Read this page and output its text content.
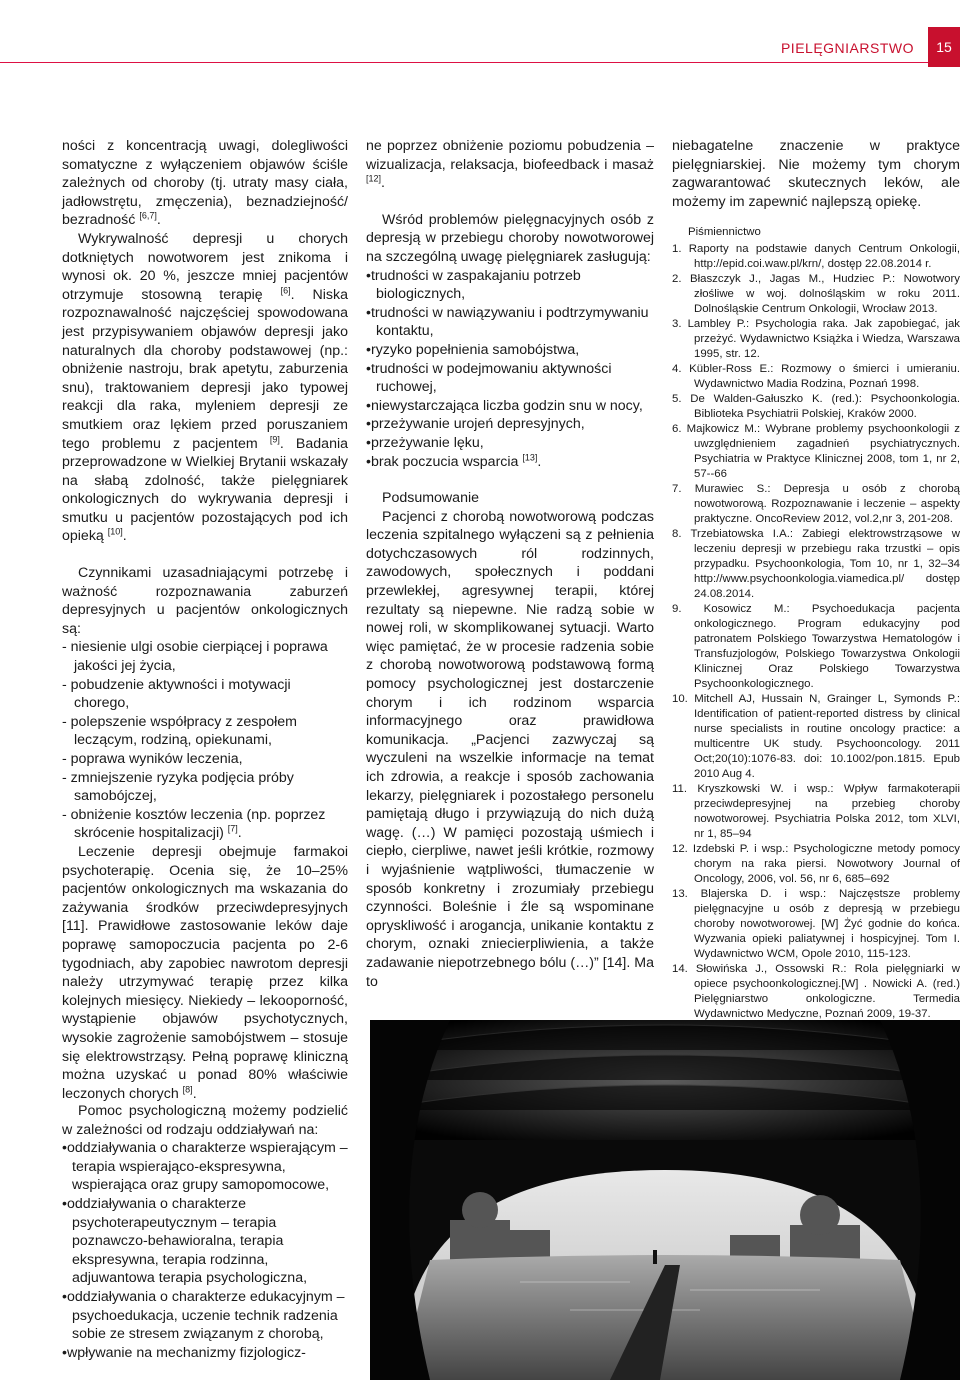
PIELĘGNIARSTWO	15

ności z koncentracją uwagi, dolegliwości somatyczne z wyłączeniem objawów ściśle zależnych od choroby (tj. utraty masy ciała, jadłowstrętu, zmęczenia), beznadziejność/ bezradność [6,7].

Wykrywalność depresji u chorych dotkniętych nowotworem jest znikoma i wynosi ok. 20 %, jeszcze mniej pacjentów otrzymuje stosowną terapię [6]. Niska rozpoznawalność najczęściej spowodowana jest przypisywaniem objawów depresji jako naturalnych dla choroby podstawowej (np.: obniżenie nastroju, brak apetytu, zaburzenia snu), traktowaniem depresji jako typowej reakcji dla raka, myleniem depresji ze smutkiem oraz lękiem przed poruszaniem tego problemu z pacjentem [9]. Badania przeprowadzone w Wielkiej Brytanii wskazały na słabą zdolność, także pielęgniarek onkologicznych do wykrywania depresji i smutku u pacjentów pozostających pod ich opieką [10].

Czynnikami uzasadniającymi potrzebę i ważność rozpoznawania zaburzeń depresyjnych u pacjentów onkologicznych są:

- niesienie ulgi osobie cierpiącej i poprawa jakości jej życia,
- pobudzenie aktywności i motywacji chorego,
- polepszenie współpracy z zespołem leczącym, rodziną, opiekunami,
- poprawa wyników leczenia,
- zmniejszenie ryzyka podjęcia próby samobójczej,
- obniżenie kosztów leczenia (np. poprzez skrócenie hospitalizacji) [7].

Leczenie depresji obejmuje farmakoi psychoterapię. Ocenia się, że 10–25% pacjentów onkologicznych ma wskazania do zażywania środków przeciwdepresyjnych [11]. Prawidłowe zastosowanie leków daje poprawę samopoczucia pacjenta po 2-6 tygodniach, aby zapobiec nawrotom depresji należy utrzymywać terapię przez kilka kolejnych miesięcy. Niekiedy – lekooporność, wystąpienie objawów psychotycznych, wysokie zagrożenie samobójstwem – stosuje się elektrowstrząsy. Pełną poprawę kliniczną można uzyskać u ponad 80% właściwie leczonych chorych [8].

Pomoc psychologiczną możemy podzielić w zależności od rodzaju oddziaływań na:

• oddziaływania o charakterze wspierającym – terapia wspierająco-ekspresywna, wspierająca oraz grupy samopomocowe,
• oddziaływania o charakterze psychoterapeutycznym – terapia poznawczo-behawioralna, terapia ekspresywna, terapia rodzinna, adjuwantowa terapia psychologiczna,
• oddziaływania o charakterze edukacyjnym – psychoedukacja, uczenie technik radzenia sobie ze stresem związanym z chorobą,
• wpływanie na mechanizmy fizjologicz-

ne poprzez obniżenie poziomu pobudzenia – wizualizacja, relaksacja, biofeedback i masaż [12].

Wśród problemów pielęgnacyjnych osób z depresją w przebiegu choroby nowotworowej na szczególną uwagę pielęgniarek zasługują:

• trudności w zaspakajaniu potrzeb biologicznych,
• trudności w nawiązywaniu i podtrzymywaniu kontaktu,
• ryzyko popełnienia samobójstwa,
• trudności w podejmowaniu aktywności ruchowej,
• niewystarczająca liczba godzin snu w nocy,
• przeżywanie urojeń depresyjnych,
• przeżywanie lęku,
• brak poczucia wsparcia [13].

Podsumowanie

Pacjenci z chorobą nowotworową podczas leczenia szpitalnego wyłączeni są z pełnienia dotychczasowych ról rodzinnych, zawodowych, społecznych i poddani przewlekłej, agresywnej terapii, której rezultaty są niepewne. Nie radzą sobie w nowej roli, w skomplikowanej sytuacji. Warto więc pamiętać, że w procesie radzenia sobie z chorobą nowotworową podstawową formą pomocy psychologicznej jest dostarczenie chorym i ich rodzinom wsparcia informacyjnego oraz prawidłowa komunikacja. „Pacjenci zazwyczaj są wyczuleni na wszelkie informacje na temat ich zdrowia, a reakcje i sposób zachowania lekarzy, pielęgniarek i pozostałego personelu pamiętają długo i przywiązują do nich dużą wagę. (…) W pamięci pozostają uśmiech i ciepło, cierpliwe, nawet jeśli krótkie, rozmowy i wyjaśnienie wątpliwości, tłumaczenie w sposób konkretny i zrozumiały przebiegu czynności. Boleśnie i źle są wspominane opryskliwość i arogancja, unikanie kontaktu z chorym, oznaki zniecierpliwienia, a także zadawanie niepotrzebnego bólu (…)” [14]. Ma to

niebagatelne znaczenie w praktyce pielęgniarskiej. Nie możemy tym chorym zagwarantować skutecznych leków, ale możemy im zapewnić najlepszą opiekę.

Piśmiennictwo
1. Raporty na podstawie danych Centrum Onkologii, http://epid.coi.waw.pl/krn/, dostęp 22.08.2014 r.
2. Błaszczyk J., Jagas M., Hudziec P.: Nowotwory złośliwe w woj. dolnośląskim w roku 2011. Dolnośląskie Centrum Onkologii, Wrocław 2013.
3. Lambley P.: Psychologia raka. Jak zapobiegać, jak przeżyć. Wydawnictwo Książka i Wiedza, Warszawa 1995, str. 12.
4. Kübler-Ross E.: Rozmowy o śmierci i umieraniu. Wydawnictwo Madia Rodzina, Poznań 1998.
5. De Walden-Gałuszko K. (red.): Psychoonkologia. Biblioteka Psychiatrii Polskiej, Kraków 2000.
6. Majkowicz M.: Wybrane problemy psychoonkologii z uwzględnieniem zagadnień psychiatrycznych. Psychiatria w Praktyce Klinicznej 2008, tom 1, nr 2, 57--66
7. Murawiec S.: Depresja u osób z chorobą nowotworową. Rozpoznawanie i leczenie – aspekty praktyczne. OncoReview 2012, vol.2,nr 3, 201-208.
8. Trzebiatowska I.A.: Zabiegi elektrowstrząsowe w leczeniu depresji w przebiegu raka trzustki – opis przypadku. Psychoonkologia, Tom 10, nr 1, 32–34 http://www.psychoonkologia.viamedica.pl/ dostęp 24.08.2014.
9. Kosowicz M.: Psychoedukacja pacjenta onkologicznego. Program edukacyjny pod patronatem Polskiego Towarzystwa Hematologów i Transfuzjologów, Polskiego Towarzystwa Onkologii Klinicznej Oraz Polskiego Towarzystwa Psychoonkologicznego.
10. Mitchell AJ, Hussain N, Grainger L, Symonds P.: Identification of patient-reported distress by clinical nurse specialists in routine oncology practice: a multicentre UK study. Psychooncology. 2011 Oct;20(10):1076-83. doi: 10.1002/pon.1815. Epub 2010 Aug 4.
11. Kryszkowski W. i wsp.: Wpływ farmakoterapii przeciwdepresyjnej na przebieg choroby nowotworowej. Psychiatria Polska 2012, tom XLVI, nr 1, 85–94
12. Izdebski P. i wsp.: Psychologiczne metody pomocy chorym na raka piersi. Nowotwory Journal of Oncology, 2006, vol. 56, nr 6, 685–692
13. Blajerska D. i wsp.: Najczęstsze problemy pielęgnacyjne u osób z depresją w przebiegu choroby nowotworowej. [W] Żyć godnie do końca. Wyzwania opieki paliatywnej i hospicyjnej. Tom I. Wydawnictwo WCM, Opole 2010, 115-123.
14. Słowińska J., Ossowski R.: Rola pielęgniarki w opiece psychoonkologicznej.[W] . Nowicki A. (red.) Pielęgniarstwo onkologiczne. Termedia Wydawnictwo Medyczne, Poznań 2009, 19-37.
